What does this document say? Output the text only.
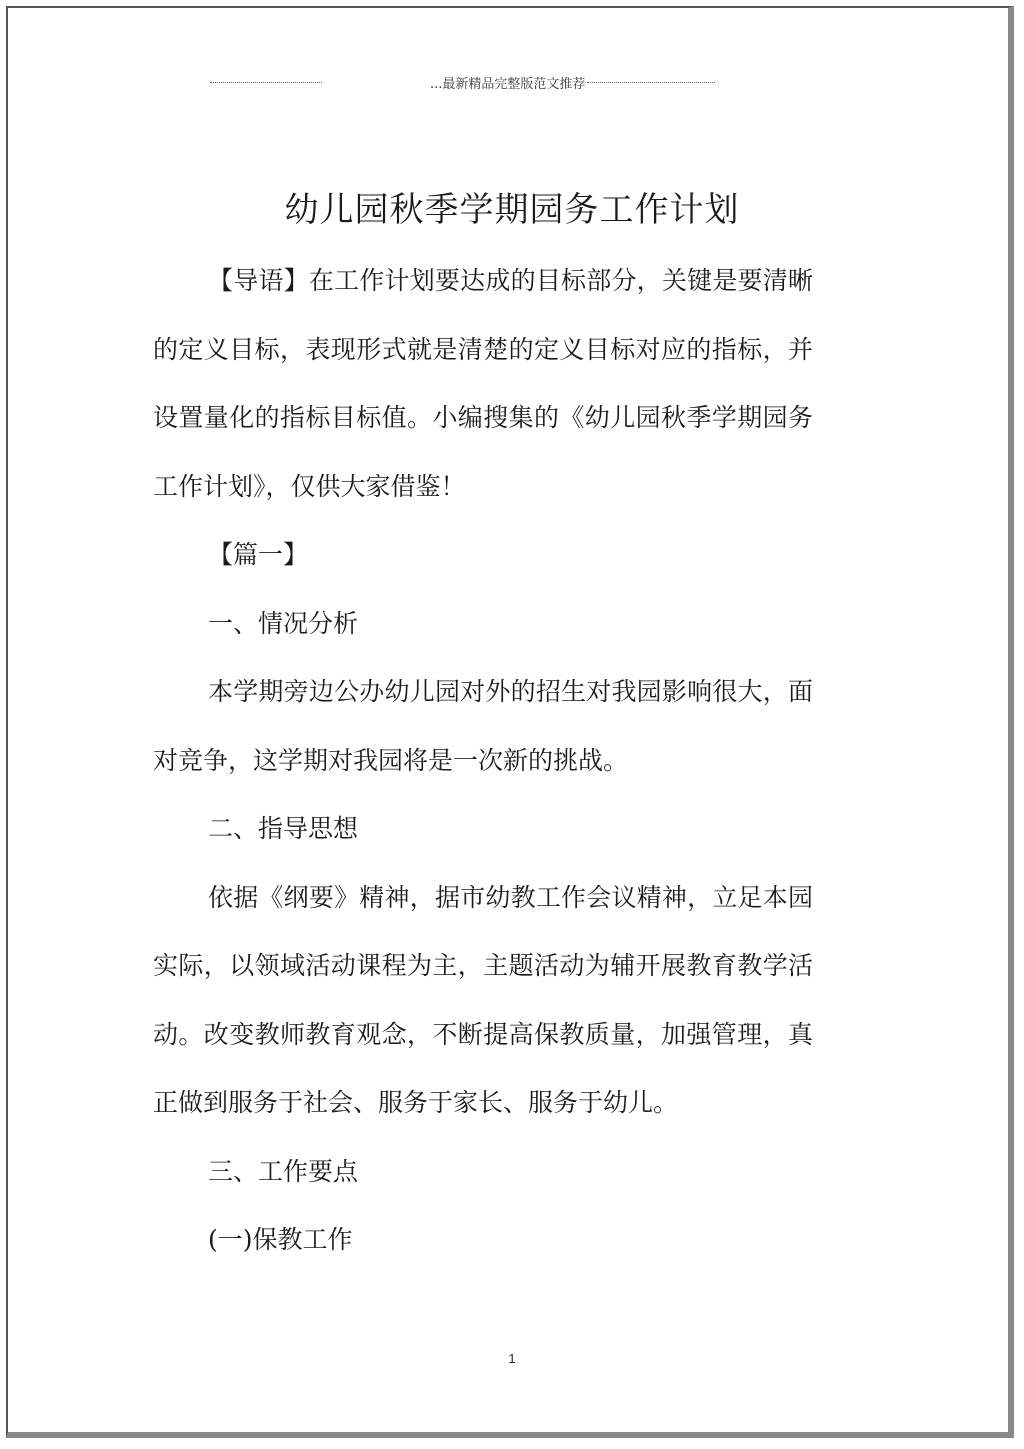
...最新精品完整版范文推荐
幼儿园秋季学期园务工作计划

【导语】在工作计划要达成的目标部分，关键是要清晰的定义目标，表现形式就是清楚的定义目标对应的指标，并设置量化的指标目标值。小编搜集的《幼儿园秋季学期园务工作计划》，仅供大家借鉴！

【篇一】

一、情况分析

本学期旁边公办幼儿园对外的招生对我园影响很大，面对竞争，这学期对我园将是一次新的挑战。

二、指导思想

依据《纲要》精神，据市幼教工作会议精神，立足本园实际，以领域活动课程为主，主题活动为辅开展教育教学活动。改变教师教育观念，不断提高保教质量，加强管理，真正做到服务于社会、服务于家长、服务于幼儿。

三、工作要点

(一)保教工作

1
